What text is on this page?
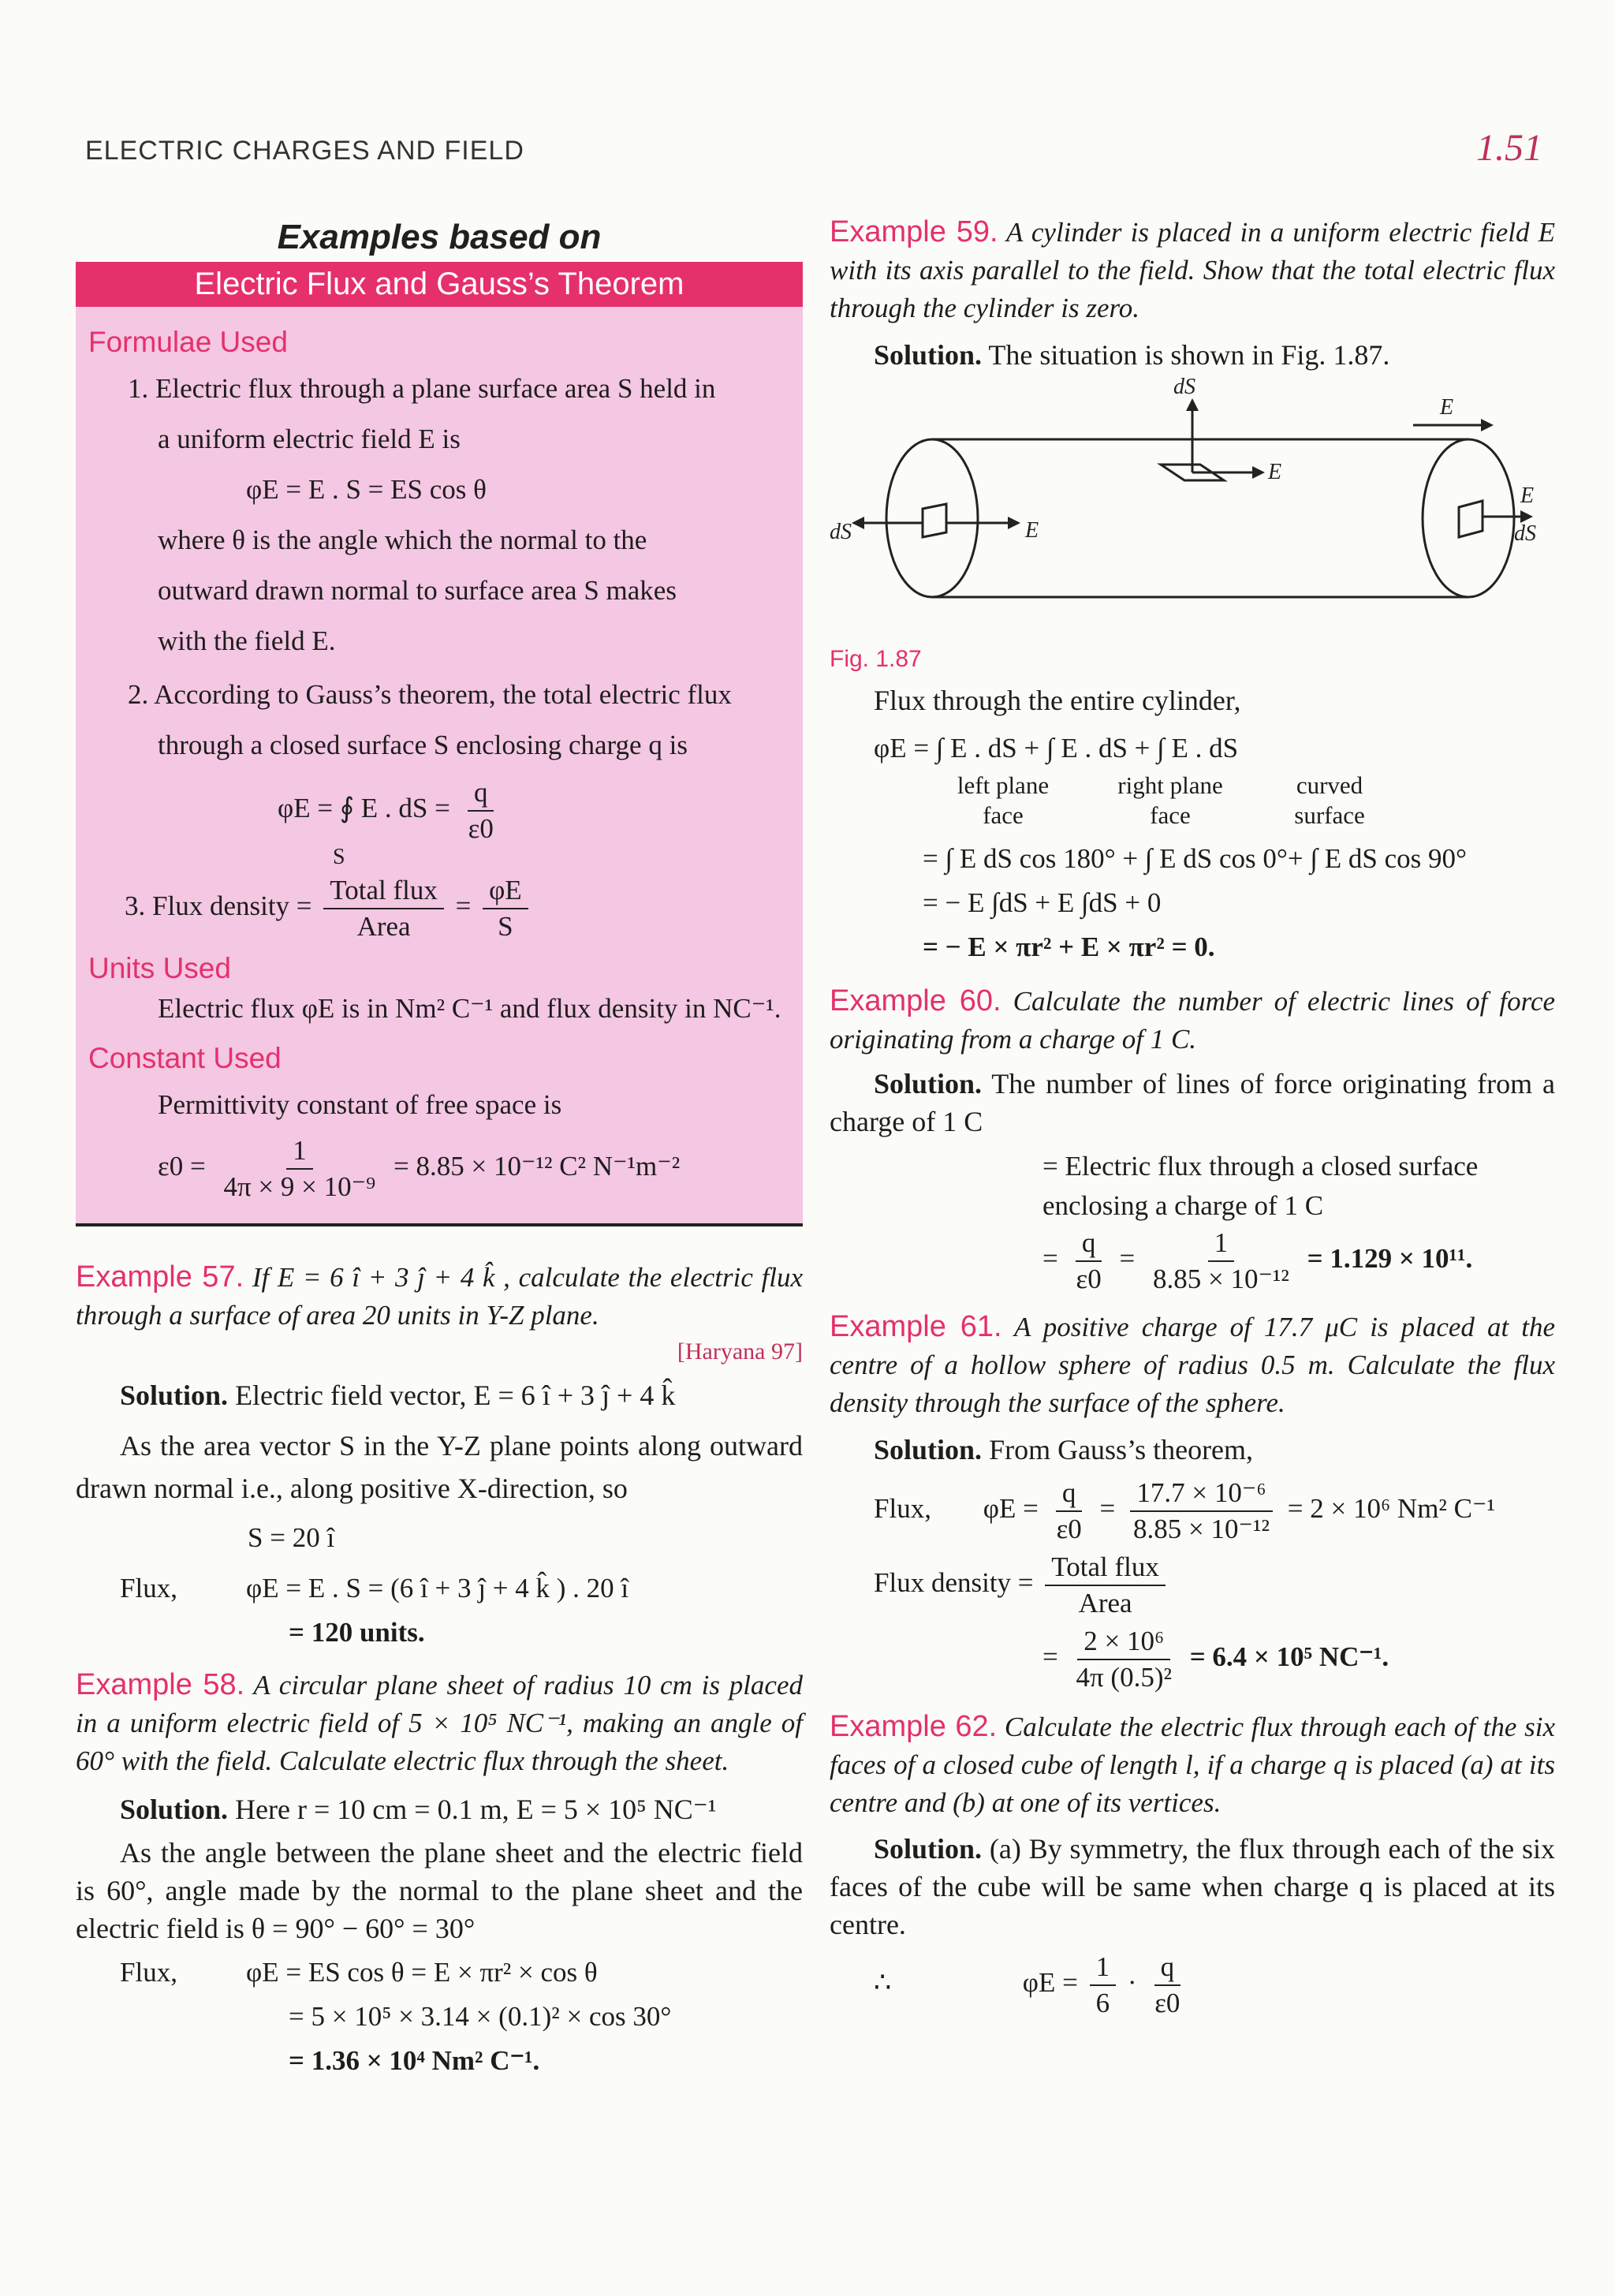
ELECTRIC CHARGES AND FIELD	1.51
Examples based on
Electric Flux and Gauss’s Theorem
Formulae Used

1. Electric flux through a plane surface area S held in

a uniform electric field E is

φE = E . S = ES cos θ

where θ is the angle which the normal to the

outward drawn normal to surface area S makes

with the field E.

2. According to Gauss’s theorem, the total electric flux

through a closed surface S enclosing charge q is

φE = ∮ E . dS = $\frac{q}{\varepsilon 0}$
S
3. Flux density = $\frac{\text{Total flux}}{\text{Area}} = \frac{\varphi E}{S}$
Units Used

Electric flux φE is in Nm² C⁻¹ and flux density in NC⁻¹.

Constant Used

Permittivity constant of free space is

$\varepsilon 0 = \frac{1}{\text{4π × 9 × 10⁻⁹}} = 8.85 \times 10^{-12}$ C² N⁻¹m⁻²

Example 57. If E = 6 î + 3 ĵ + 4 k̂ , calculate the electric flux through a surface of area 20 units in Y-Z plane.

[Haryana 97]

Solution. Electric field vector, E = 6 î + 3 ĵ + 4 k̂

As the area vector S in the Y-Z plane points along outward drawn normal i.e., along positive X-direction, so

S = 20 î

Flux, φE = E . S = (6 î + 3 ĵ + 4 k̂ ) . 20 î

= 120 units.

Example 58. A circular plane sheet of radius 10 cm is placed in a uniform electric field of 5 × 10⁵ NC⁻¹, making an angle of 60° with the field. Calculate electric flux through the sheet.

Solution. Here r = 10 cm = 0.1 m, E = 5 × 10⁵ NC⁻¹

As the angle between the plane sheet and the electric field is 60°, angle made by the normal to the plane sheet and the electric field is θ = 90° − 60° = 30°

Flux, φE = ES cos θ = E × πr² × cos θ

= 5 × 10⁵ × 3.14 × (0.1)² × cos 30°

= 1.36 × 10⁴ Nm² C⁻¹.

Example 59. A cylinder is placed in a uniform electric field E with its axis parallel to the field. Show that the total electric flux through the cylinder is zero.

Solution. The situation is shown in Fig. 1.87.

dS
E
E
dS	E
E
dS
Fig. 1.87

Flux through the entire cylinder,

φE = ∫ E . dS + ∫ E . dS + ∫ E . dS

left plane face
right plane face
curved surface

= ∫ E dS cos 180° + ∫ E dS cos 0°+ ∫ E dS cos 90°

= − E ∫dS + E ∫dS + 0

= − E × πr² + E × πr² = 0.

Example 60. Calculate the number of electric lines of force originating from a charge of 1 C.

Solution. The number of lines of force originating from a charge of 1 C

= Electric flux through a closed surface enclosing a charge of 1 C

= $\frac{q}{\varepsilon 0} = \frac{1}{\text{8.85 × 10⁻¹²}} = 1.129 \times 10^{11}$.

Example 61. A positive charge of 17.7 μC is placed at the centre of a hollow sphere of radius 0.5 m. Calculate the flux density through the surface of the sphere.

Solution. From Gauss’s theorem,

Flux, $\varphi E = \frac{q}{\varepsilon 0} = \frac{\text{17.7 × 10⁻⁶}}{\text{8.85 × 10⁻¹²}} = 2 \times 10^6$ Nm² C⁻¹
Flux density = $\frac{\text{Total flux}}{\text{Area}}$
= $\frac{\text{2 × 10⁶}}{\text{4π (0.5)²}} = 6.4 \times 10^5$ NC⁻¹.

Example 62. Calculate the electric flux through each of the six faces of a closed cube of length l, if a charge q is placed (a) at its centre and (b) at one of its vertices.

Solution. (a) By symmetry, the flux through each of the six faces of the cube will be same when charge q is placed at its centre.

∴	$\varphi E = \frac{1}{6} \cdot \frac{q}{\varepsilon 0}$
